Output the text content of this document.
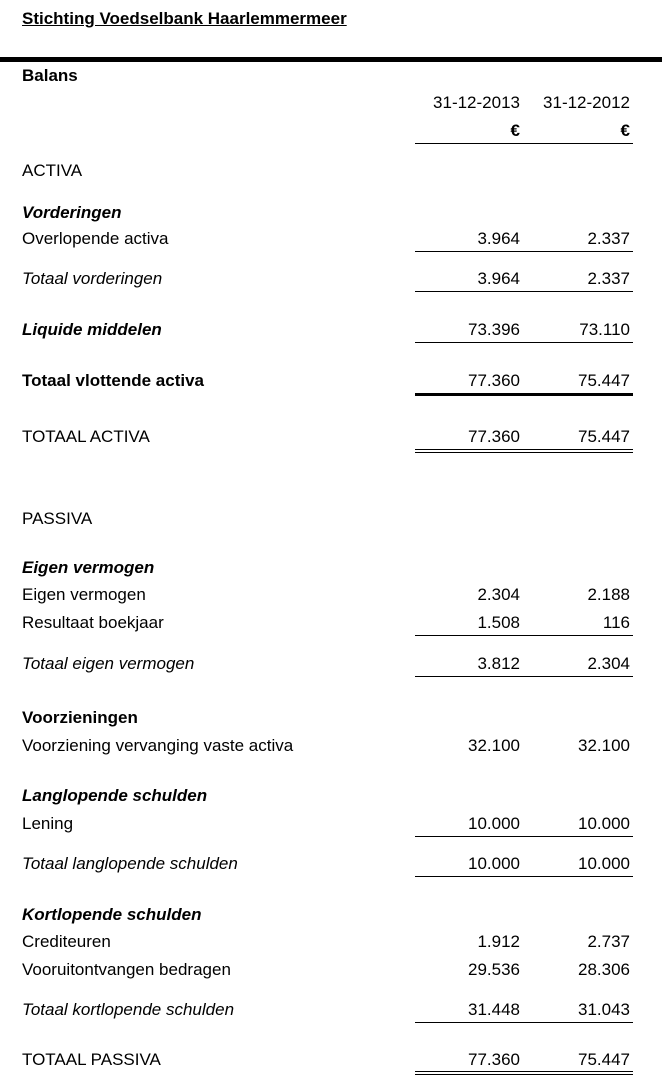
Stichting Voedselbank Haarlemmermeer
Balans
31-12-2013	31-12-2012
€	€
ACTIVA
Vorderingen
Overlopende activa	3.964	2.337
Totaal vorderingen	3.964	2.337
Liquide middelen	73.396	73.110
Totaal vlottende activa	77.360	75.447
TOTAAL ACTIVA	77.360	75.447
PASSIVA
Eigen vermogen
Eigen vermogen	2.304	2.188
Resultaat boekjaar	1.508	116
Totaal eigen vermogen	3.812	2.304
Voorzieningen
Voorziening vervanging vaste activa	32.100	32.100
Langlopende schulden
Lening	10.000	10.000
Totaal langlopende schulden	10.000	10.000
Kortlopende schulden
Crediteuren	1.912	2.737
Vooruitontvangen bedragen	29.536	28.306
Totaal kortlopende schulden	31.448	31.043
TOTAAL PASSIVA	77.360	75.447
